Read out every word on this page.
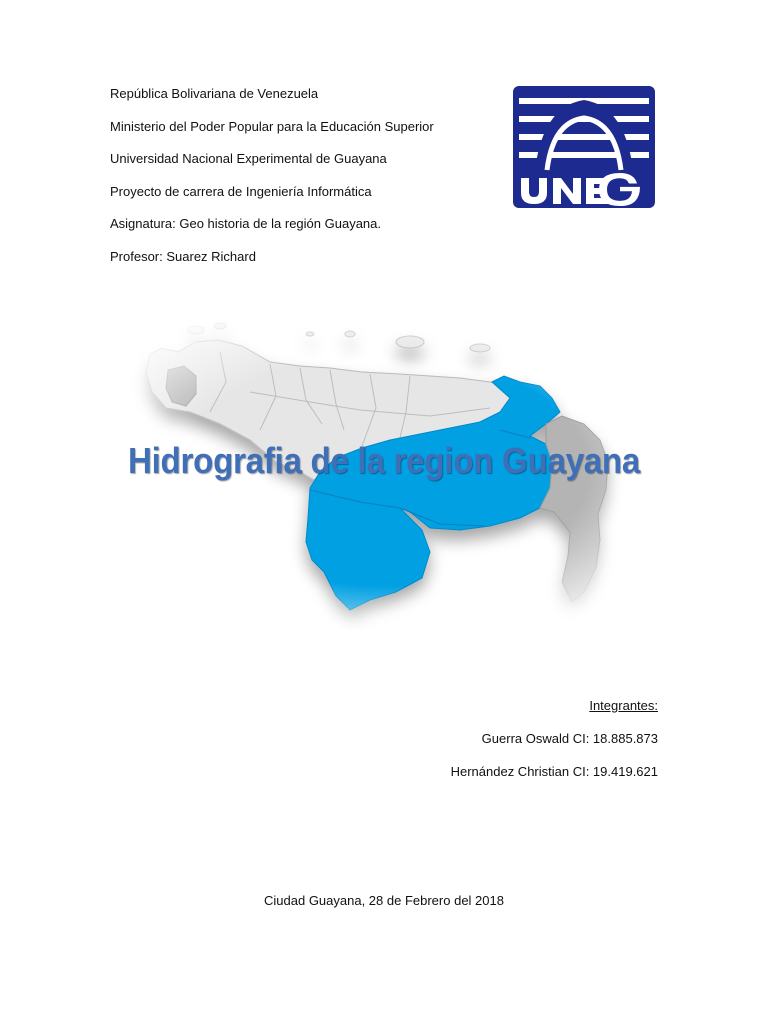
República Bolivariana de Venezuela
Ministerio del Poder Popular para la Educación Superior
Universidad Nacional Experimental de Guayana
Proyecto de carrera de Ingeniería Informática
Asignatura: Geo historia de la región Guayana.
Profesor: Suarez Richard
Hidrografia de la region Guayana
Integrantes:
Guerra Oswald CI: 18.885.873
Hernández Christian CI: 19.419.621
Ciudad Guayana, 28 de Febrero del 2018
